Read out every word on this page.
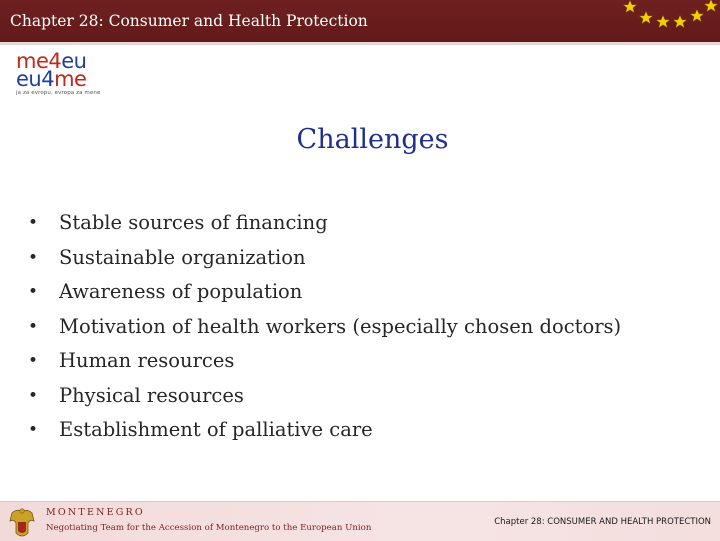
Chapter 28: Consumer and Health Protection
me4eu
eu4me
ja za evropu, evropa za mene
Challenges
• Stable sources of financing
• Sustainable organization
• Awareness of population
• Motivation of health workers (especially chosen doctors)
• Human resources
• Physical resources
• Establishment of palliative care
MONTENEGRO
Negotiating Team for the Accession of Montenegro to the European Union
Chapter 28: CONSUMER AND HEALTH PROTECTION
